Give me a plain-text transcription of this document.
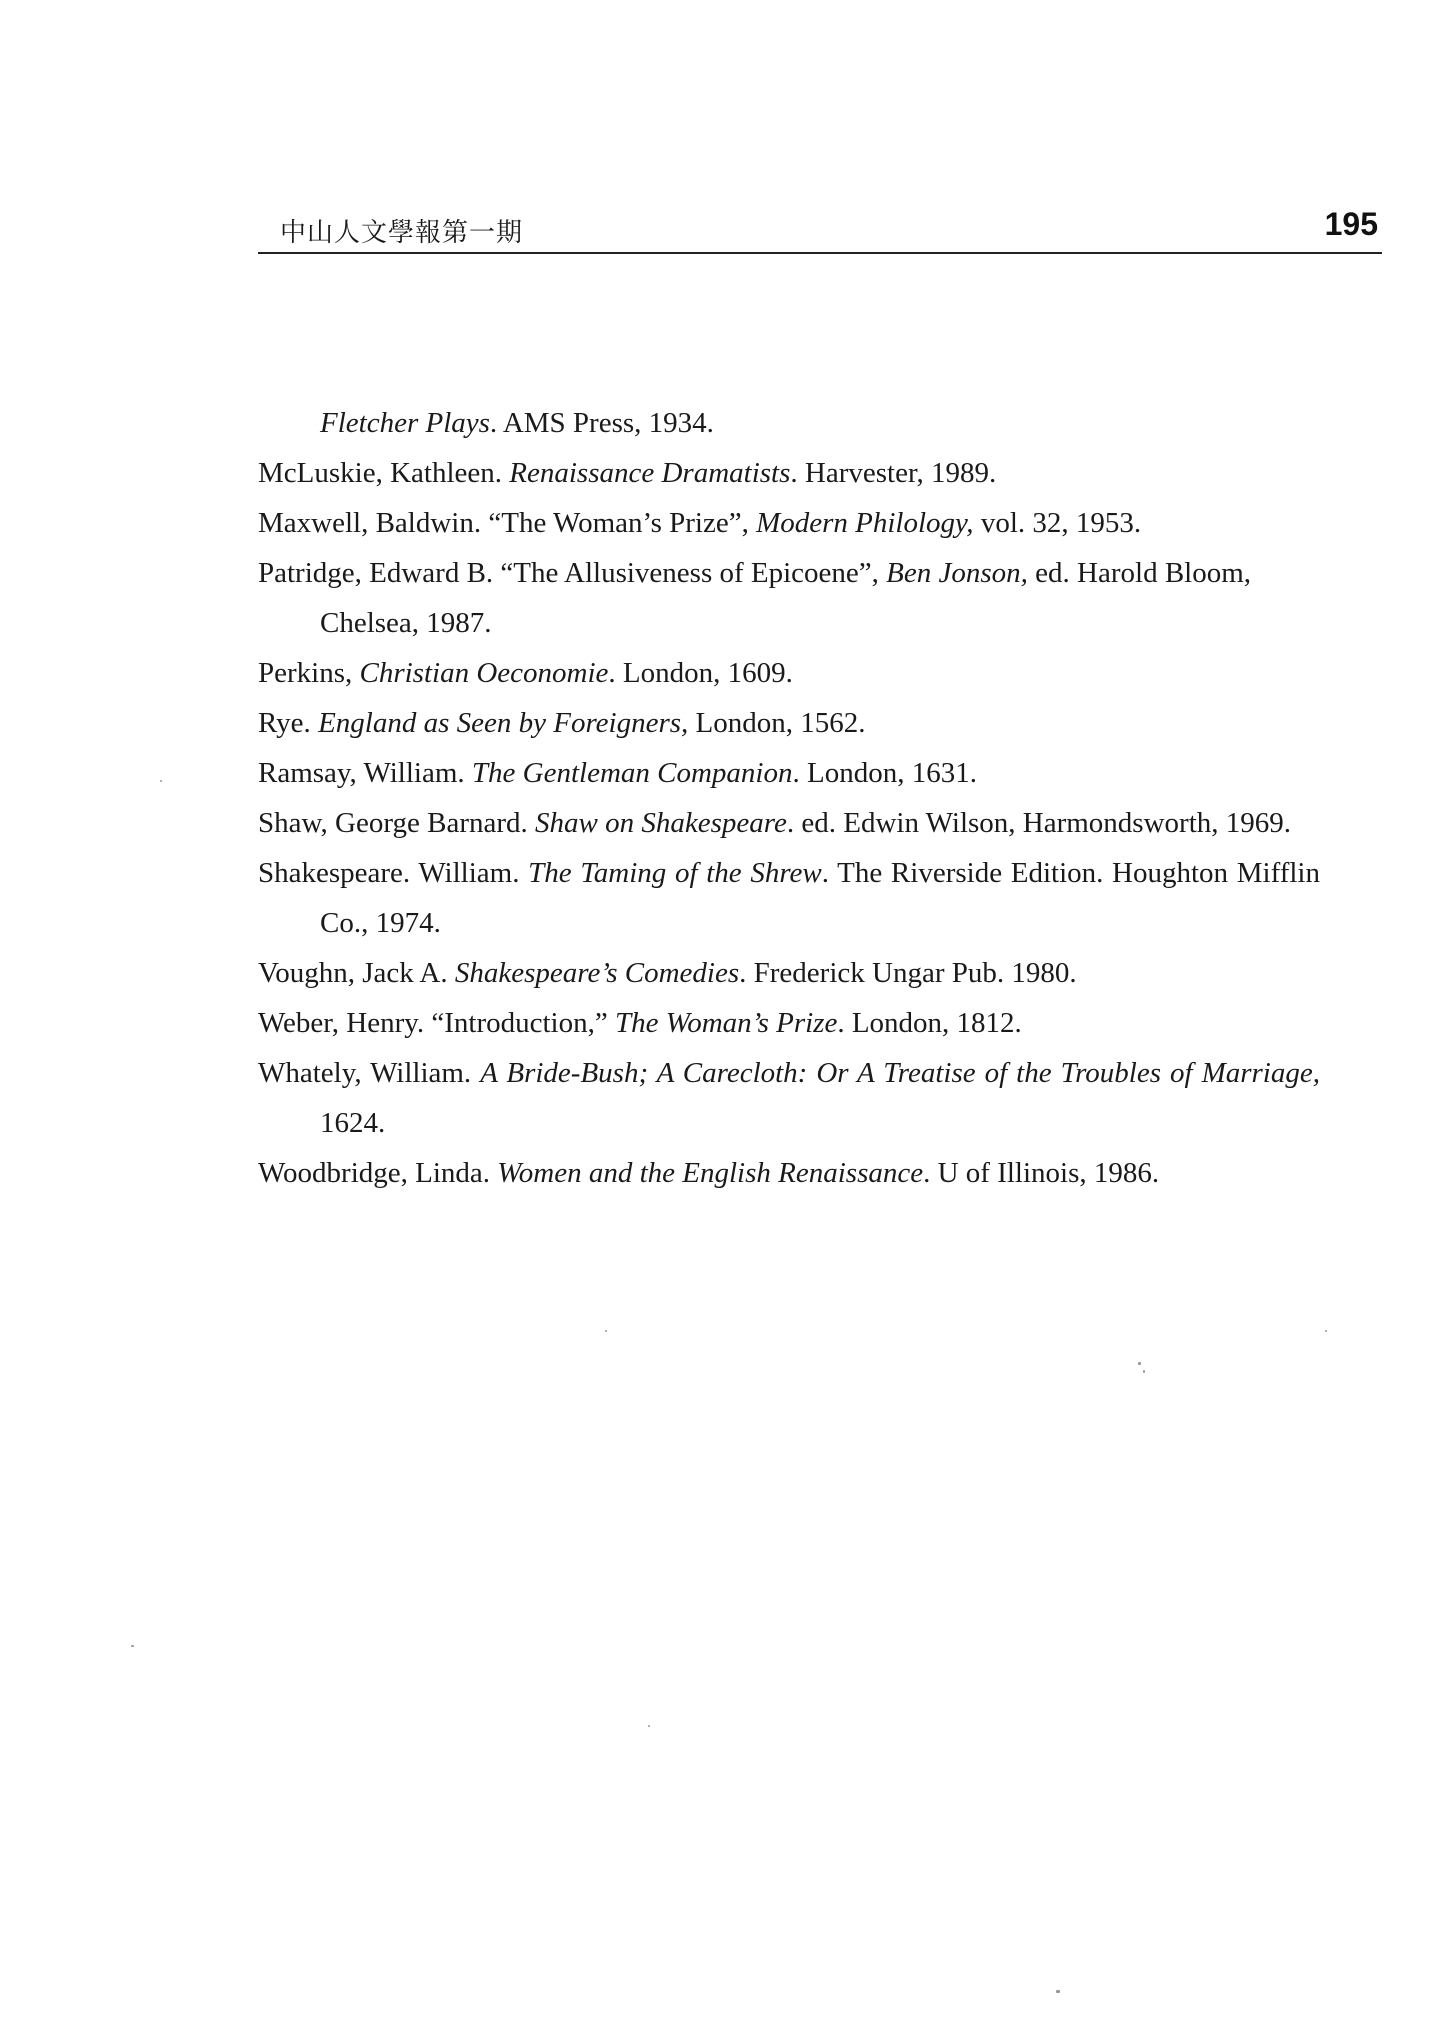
中山人文學報第一期	195

Fletcher Plays. AMS Press, 1934.

McLuskie, Kathleen. Renaissance Dramatists. Harvester, 1989.

Maxwell, Baldwin. “The Woman’s Prize”, Modern Philology, vol. 32, 1953.

Patridge, Edward B. “The Allusiveness of Epicoene”, Ben Jonson, ed. Harold Bloom, Chelsea, 1987.

Perkins, Christian Oeconomie. London, 1609.

Rye. England as Seen by Foreigners, London, 1562.

Ramsay, William. The Gentleman Companion. London, 1631.

Shaw, George Barnard. Shaw on Shakespeare. ed. Edwin Wilson, Harmondsworth, 1969.

Shakespeare. William. The Taming of the Shrew. The Riverside Edition. Houghton Mifflin Co., 1974.

Voughn, Jack A. Shakespeare’s Comedies. Frederick Ungar Pub. 1980.

Weber, Henry. “Introduction,” The Woman’s Prize. London, 1812.

Whately, William. A Bride-Bush; A Carecloth: Or A Treatise of the Troubles of Marriage, 1624.

Woodbridge, Linda. Women and the English Renaissance. U of Illinois, 1986.
